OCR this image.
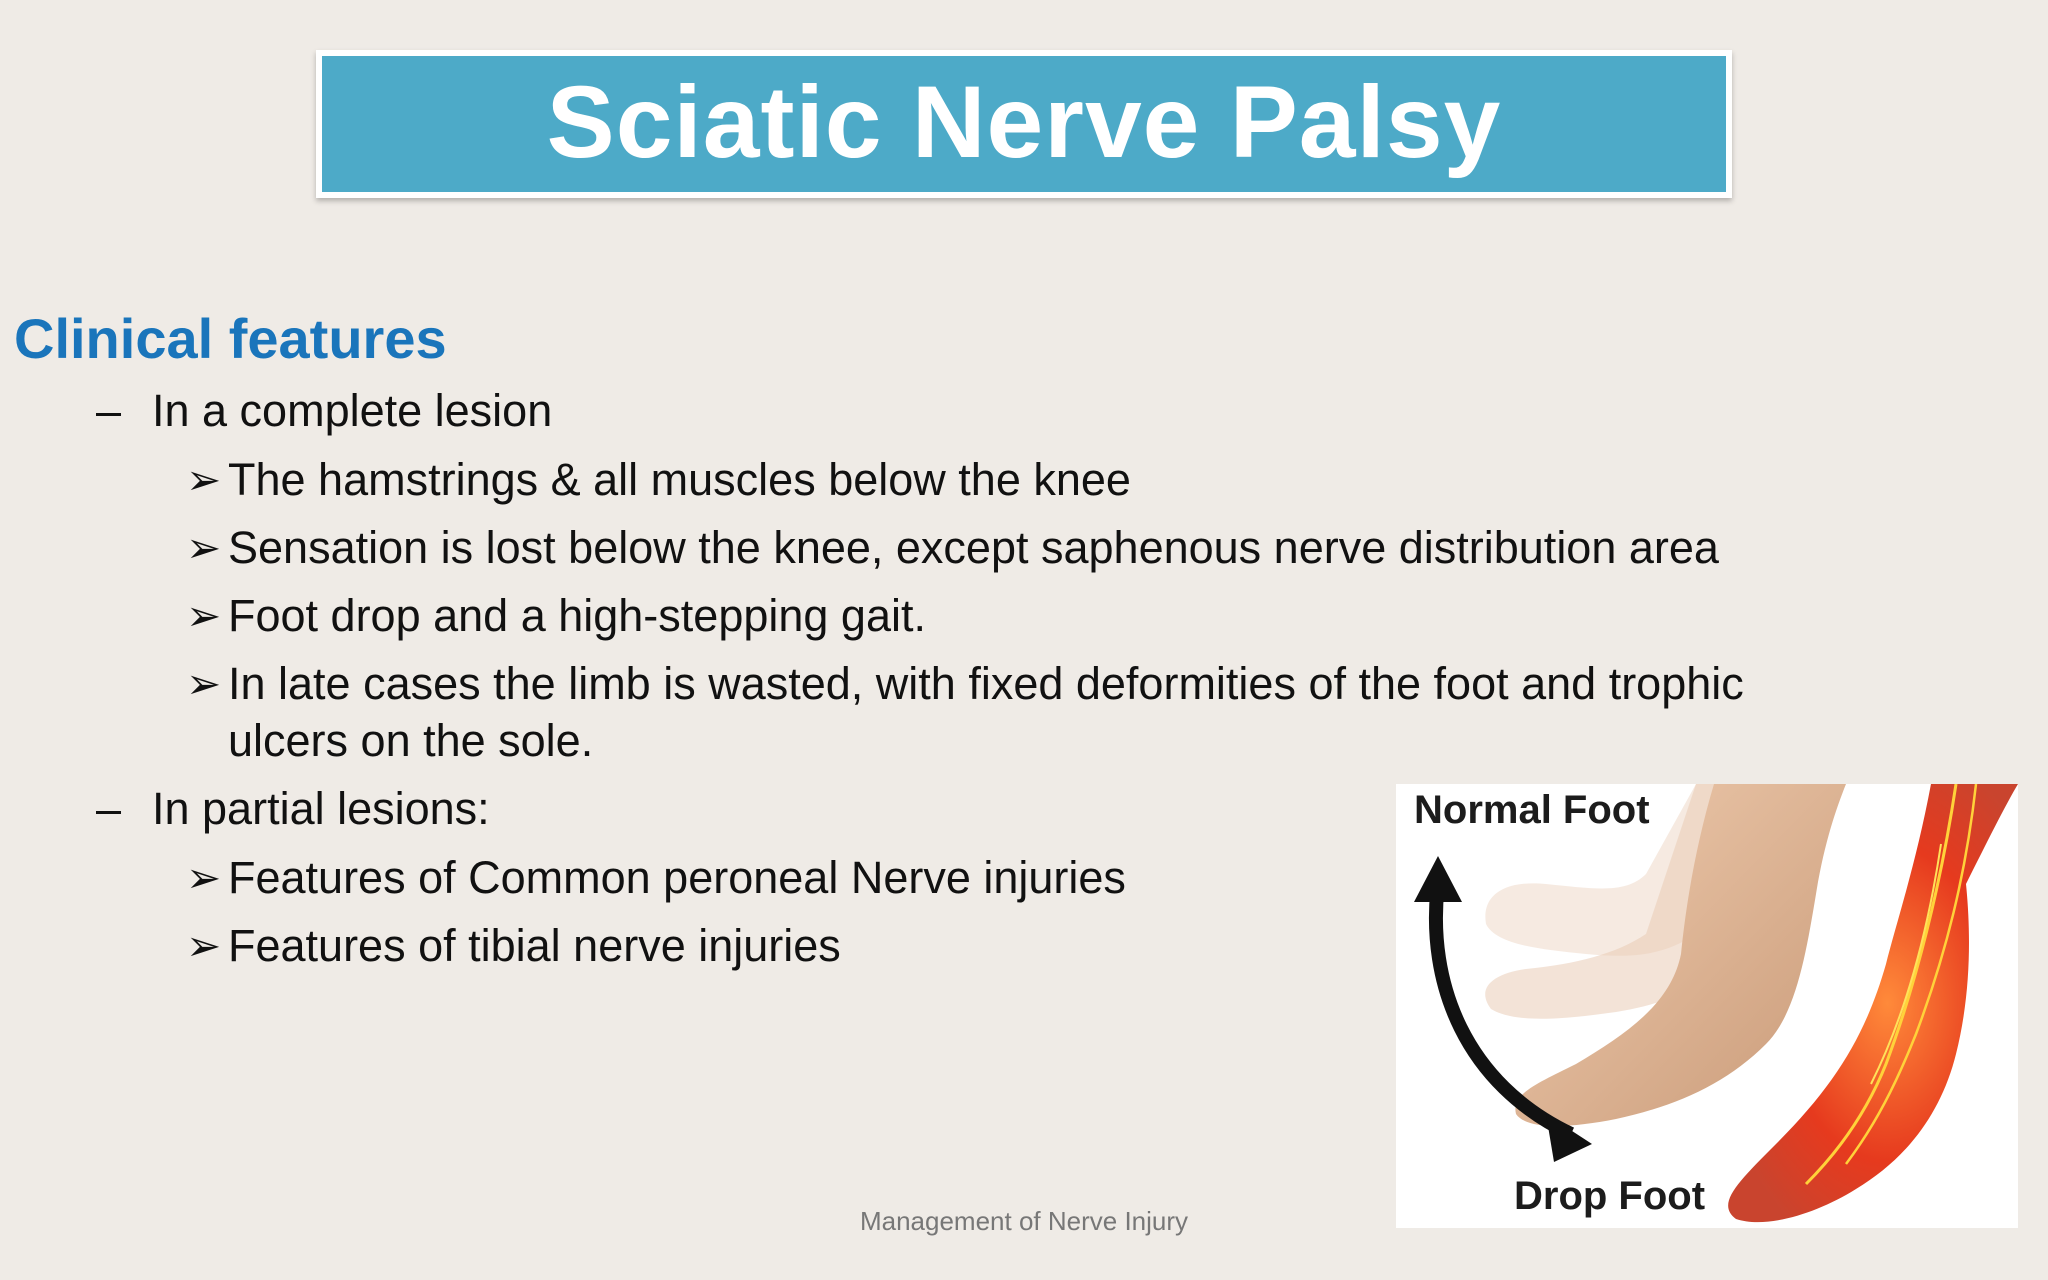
Sciatic Nerve Palsy
Clinical features
– In a complete lesion
➢ The hamstrings & all muscles below the knee
➢ Sensation is lost below the knee, except saphenous nerve distribution area
➢ Foot drop and a high-stepping gait.
➢ In late cases the limb is wasted, with fixed deformities of the foot and trophic ulcers on the sole.
– In partial lesions:
➢ Features of Common peroneal Nerve injuries
➢ Features of tibial nerve injuries
Normal Foot
Drop Foot
Management of Nerve Injury
